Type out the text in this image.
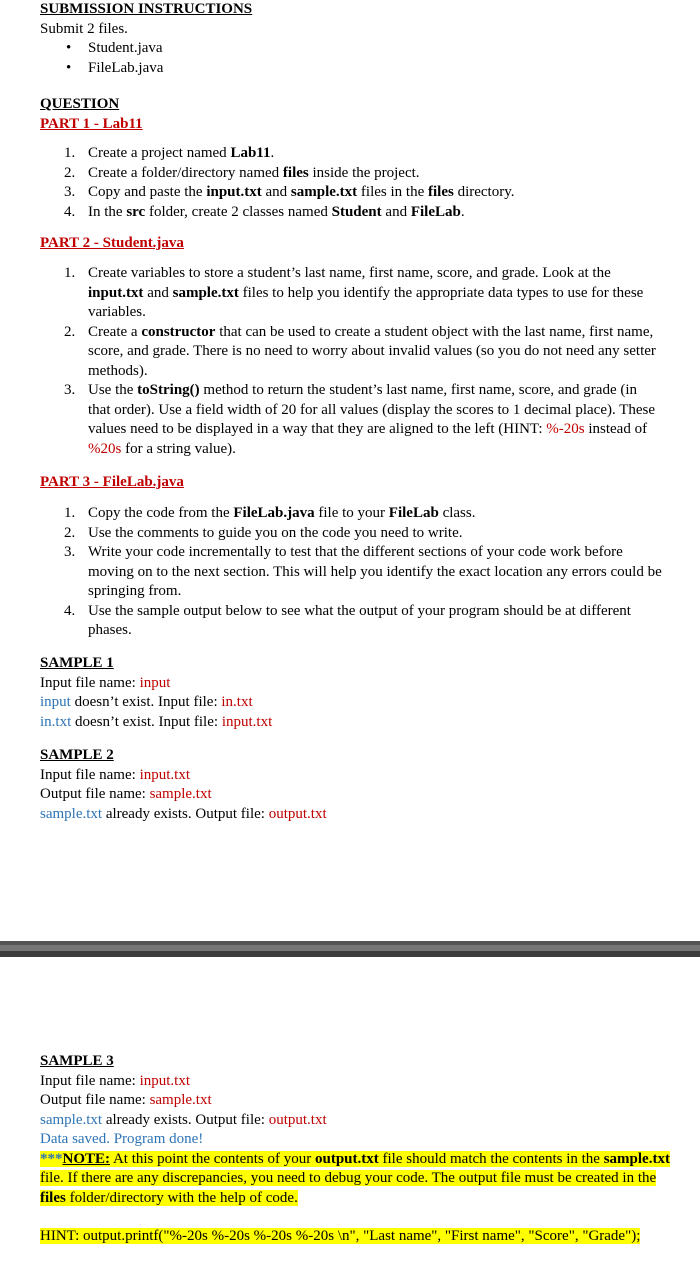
SUBMISSION INSTRUCTIONS
Submit 2 files.
• Student.java
• FileLab.java
QUESTION
PART 1 - Lab11
Create a project named Lab11.
Create a folder/directory named files inside the project.
Copy and paste the input.txt and sample.txt files in the files directory.
In the src folder, create 2 classes named Student and FileLab.
PART 2 - Student.java
Create variables to store a student’s last name, first name, score, and grade. Look at the input.txt and sample.txt files to help you identify the appropriate data types to use for these variables.
Create a constructor that can be used to create a student object with the last name, first name, score, and grade. There is no need to worry about invalid values (so you do not need any setter methods).
Use the toString() method to return the student’s last name, first name, score, and grade (in that order). Use a field width of 20 for all values (display the scores to 1 decimal place). These values need to be displayed in a way that they are aligned to the left (HINT: %-20s instead of %20s for a string value).
PART 3 - FileLab.java
Copy the code from the FileLab.java file to your FileLab class.
Use the comments to guide you on the code you need to write.
Write your code incrementally to test that the different sections of your code work before moving on to the next section. This will help you identify the exact location any errors could be springing from.
Use the sample output below to see what the output of your program should be at different phases.
SAMPLE 1
Input file name: input
input doesn’t exist. Input file: in.txt
in.txt doesn’t exist. Input file: input.txt
SAMPLE 2
Input file name: input.txt
Output file name: sample.txt
sample.txt already exists. Output file: output.txt
SAMPLE 3
Input file name: input.txt
Output file name: sample.txt
sample.txt already exists. Output file: output.txt
Data saved. Program done!
***NOTE: At this point the contents of your output.txt file should match the contents in the sample.txt file. If there are any discrepancies, you need to debug your code. The output file must be created in the files folder/directory with the help of code.
HINT: output.printf("%-20s %-20s %-20s %-20s \n", "Last name", "First name", "Score", "Grade");
